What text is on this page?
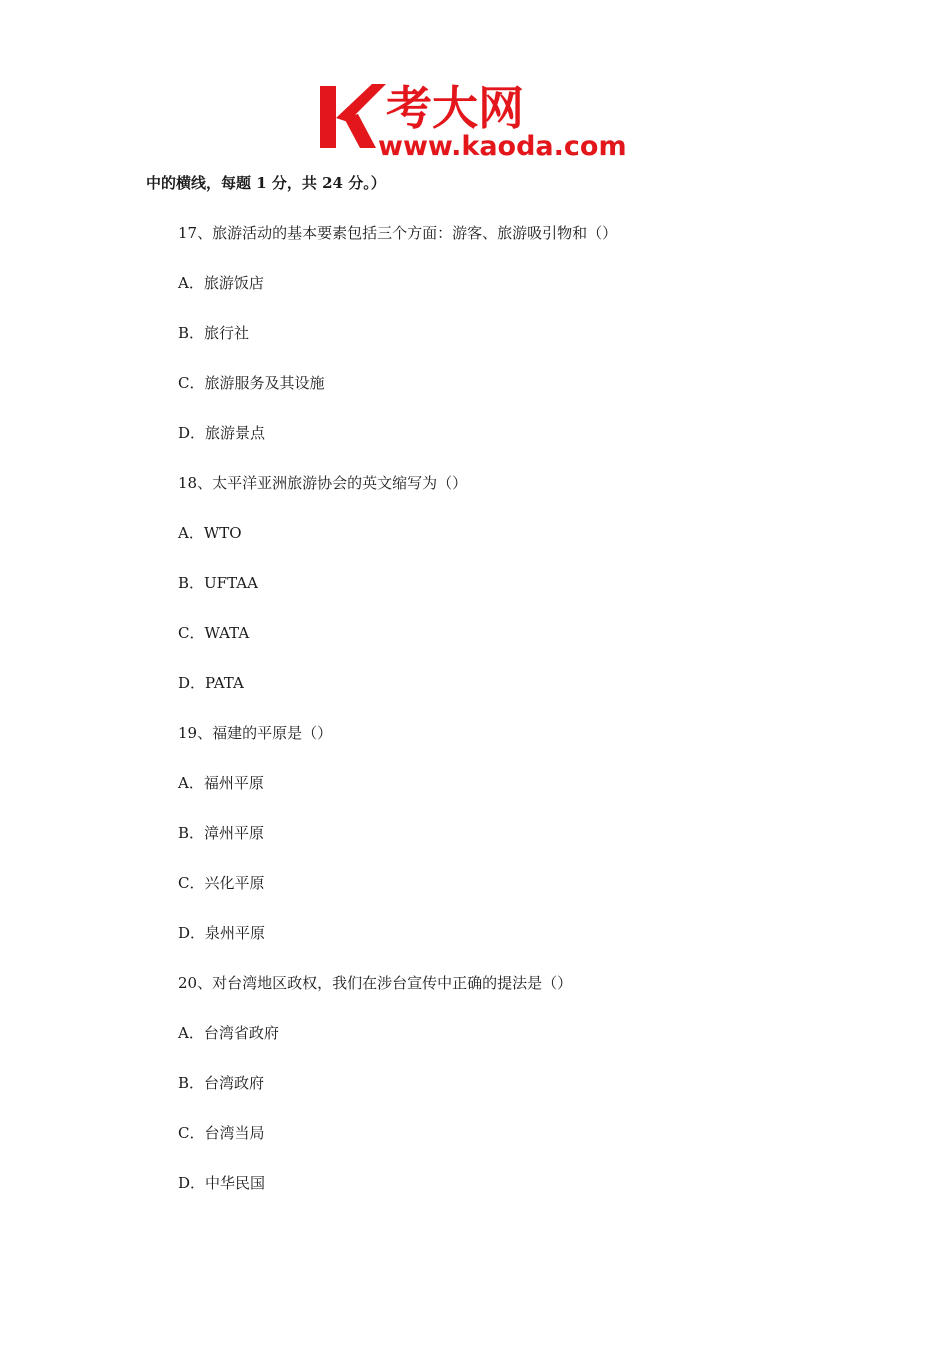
考大网
www.kaoda.com
中的横线，每题 1 分，共 24 分。）
17、旅游活动的基本要素包括三个方面：游客、旅游吸引物和（）
A．旅游饭店
B．旅行社
C．旅游服务及其设施
D．旅游景点
18、太平洋亚洲旅游协会的英文缩写为（）
A．WTO
B．UFTAA
C．WATA
D．PATA
19、福建的平原是（）
A．福州平原
B．漳州平原
C．兴化平原
D．泉州平原
20、对台湾地区政权，我们在涉台宣传中正确的提法是（）
A．台湾省政府
B．台湾政府
C．台湾当局
D．中华民国
